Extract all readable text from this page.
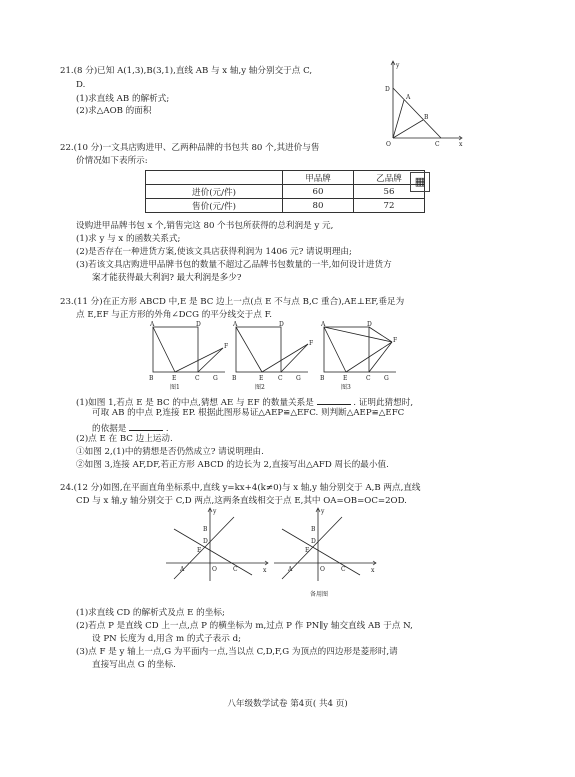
21.(8 分)已知 A(1,3),B(3,1),直线 AB 与 x 轴,y 轴分别交于点 C,
D.
(1)求直线 AB 的解析式;
(2)求△AOB 的面积
y
x
D
A
B
O	C
22.(10 分)一文具店购进甲、乙两种品牌的书包共 80 个,其进价与售
价情况如下表所示:
	甲品牌	乙品牌
进价(元/件)	60	56
售价(元/件)	80	72
▦
设购进甲品牌书包 x 个,销售完这 80 个书包所获得的总利润是 y 元,
(1)求 y 与 x 的函数关系式;
(2)是否存在一种进货方案,使该文具店获得利润为 1406 元? 请说明理由;
(3)若该文具店购进甲品牌书包的数量不超过乙品牌书包数量的一半,如何设计进货方
案才能获得最大利润? 最大利润是多少?
23.(11 分)在正方形 ABCD 中,E 是 BC 边上一点(点 E 不与点 B,C 重合),AE⊥EF,垂足为
点 E,EF 与正方形的外角∠DCG 的平分线交于点 F.
A	D
B	E	C G
F
图1
A	D
B	E C G
F
图2
A	D
B	E	C G
F
图3
(1)如图 1,若点 E 是 BC 的中点,猜想 AE 与 EF 的数量关系是	. 证明此猜想时,
可取 AB 的中点 P,连接 EP. 根据此图形易证△AEP≌△EFC. 则判断△AEP≌△EFC
的依据是	.
(2)点 E 在 BC 边上运动.
①如图 2,(1)中的猜想是否仍然成立? 请说明理由.
②如图 3,连接 AF,DF,若正方形 ABCD 的边长为 2,直接写出△AFD 周长的最小值.
24.(12 分)如图,在平面直角坐标系中,直线 y=kx+4(k≠0)与 x 轴,y 轴分别交于 A,B 两点,直线
CD 与 x 轴,y 轴分别交于 C,D 两点,这两条直线相交于点 E,其中 OA=OB=OC=2OD.
y
x
B
D
E
A	O	C
y
x
B
D
E
A	O	C
备用图
(1)求直线 CD 的解析式及点 E 的坐标;
(2)若点 P 是直线 CD 上一点,点 P 的横坐标为 m,过点 P 作 PN∥y 轴交直线 AB 于点 N,
设 PN 长度为 d,用含 m 的式子表示 d;
(3)点 F 是 y 轴上一点,G 为平面内一点,当以点 C,D,F,G 为顶点的四边形是菱形时,请
直接写出点 G 的坐标.
八年级数学试卷 第4页( 共4 页)
